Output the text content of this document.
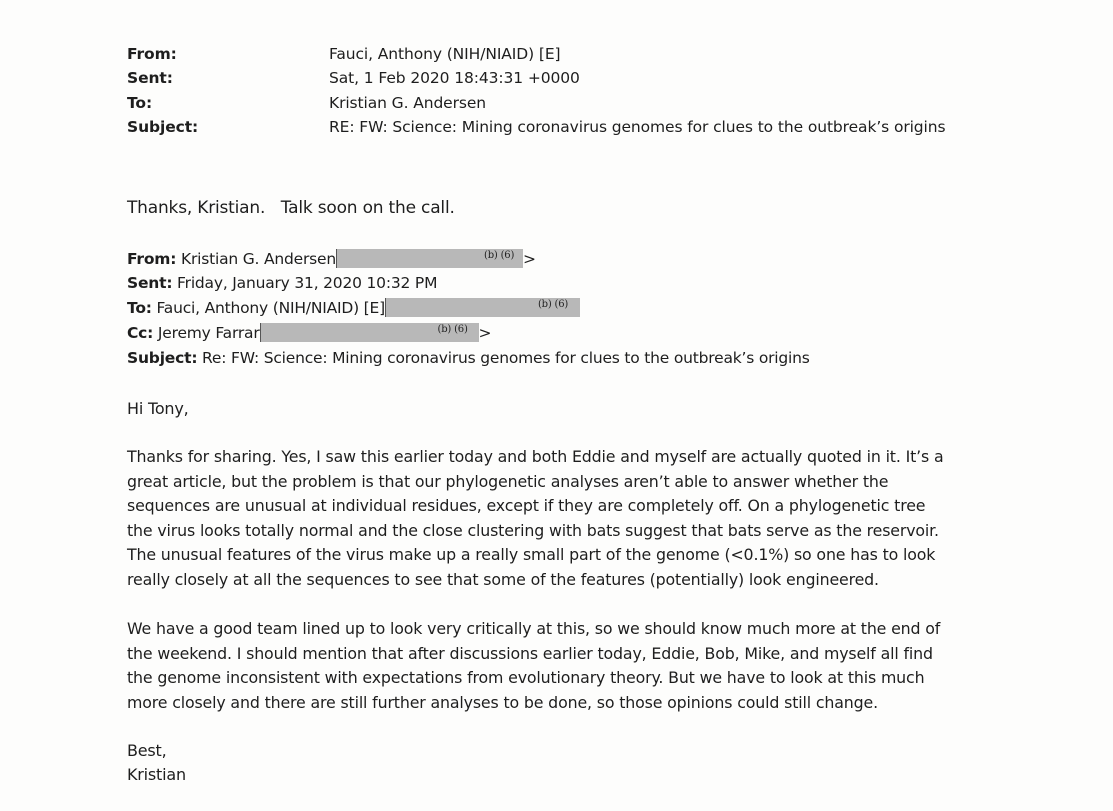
From:	Fauci, Anthony (NIH/NIAID) [E]
Sent:	Sat, 1 Feb 2020 18:43:31 +0000
To:	Kristian G. Andersen
Subject:	RE: FW: Science: Mining coronavirus genomes for clues to the outbreak’s origins
Thanks, Kristian.   Talk soon on the call.
From: Kristian G. Andersen	(b) (6) >
Sent: Friday, January 31, 2020 10:32 PM
To: Fauci, Anthony (NIH/NIAID) [E]	(b) (6)
Cc: Jeremy Farrar	(b) (6) >
Subject: Re: FW: Science: Mining coronavirus genomes for clues to the outbreak’s origins
Hi Tony,
Thanks for sharing. Yes, I saw this earlier today and both Eddie and myself are actually quoted in it. It’s a
great article, but the problem is that our phylogenetic analyses aren’t able to answer whether the
sequences are unusual at individual residues, except if they are completely off. On a phylogenetic tree
the virus looks totally normal and the close clustering with bats suggest that bats serve as the reservoir.
The unusual features of the virus make up a really small part of the genome (<0.1%) so one has to look
really closely at all the sequences to see that some of the features (potentially) look engineered.
We have a good team lined up to look very critically at this, so we should know much more at the end of
the weekend. I should mention that after discussions earlier today, Eddie, Bob, Mike, and myself all find
the genome inconsistent with expectations from evolutionary theory. But we have to look at this much
more closely and there are still further analyses to be done, so those opinions could still change.
Best,
Kristian
